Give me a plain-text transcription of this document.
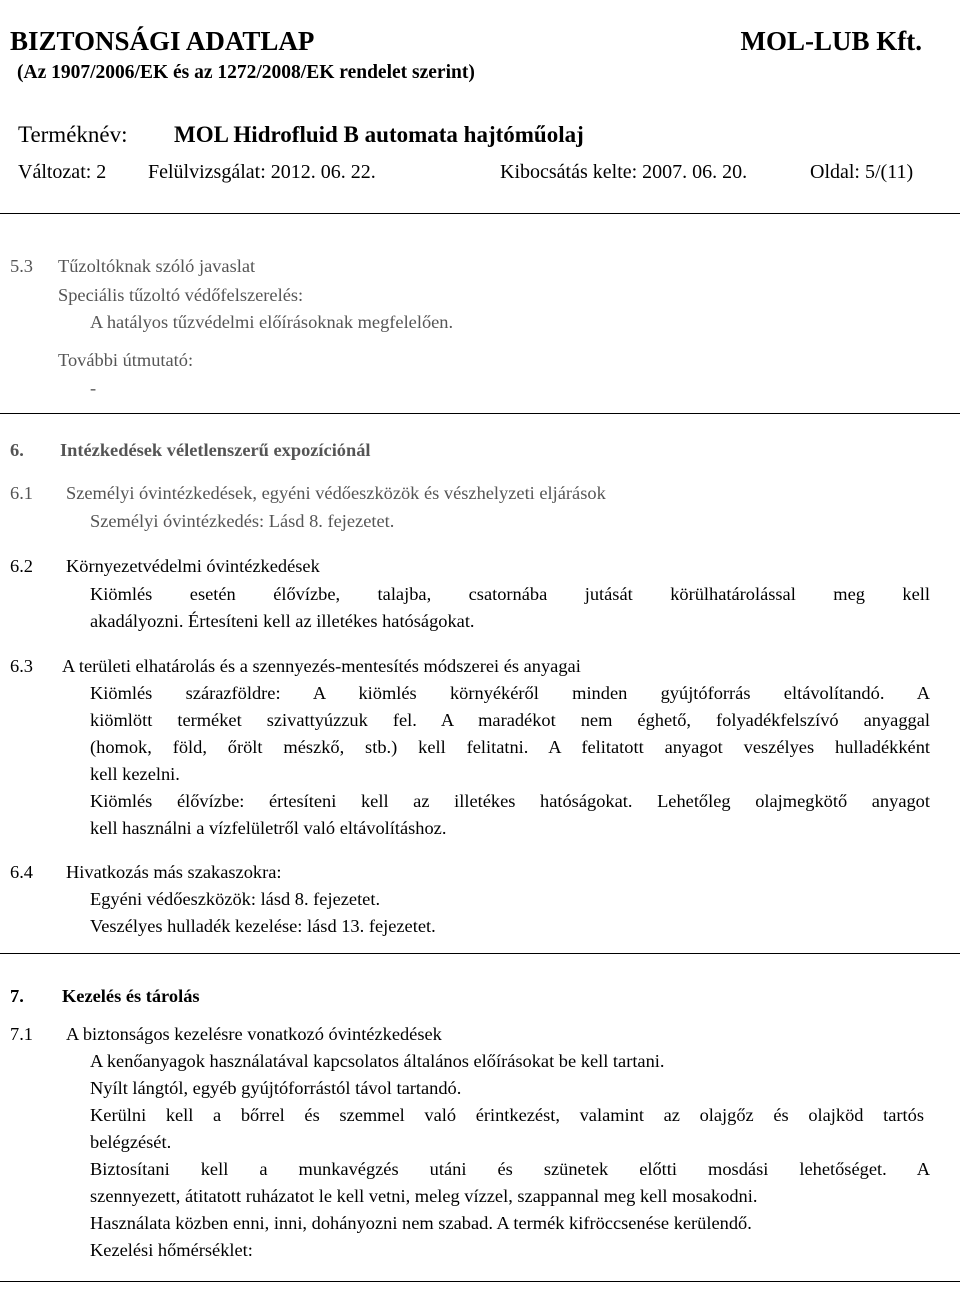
BIZTONSÁGI ADATLAP	MOL-LUB Kft.
(Az 1907/2006/EK és az 1272/2008/EK rendelet szerint)
Terméknév: MOL Hidrofluid B automata hajtóműolaj
Változat: 2 Felülvizsgálat: 2012. 06. 22.	Kibocsátás kelte: 2007. 06. 20.	Oldal: 5/(11)
5.3 Tűzoltóknak szóló javaslat
Speciális tűzoltó védőfelszerelés:
A hatályos tűzvédelmi előírásoknak megfelelően.
További útmutató:
-
6. Intézkedések véletlenszerű expozíciónál
6.1 Személyi óvintézkedések, egyéni védőeszközök és vészhelyzeti eljárások
Személyi óvintézkedés: Lásd 8. fejezetet.
6.2 Környezetvédelmi óvintézkedések
Kiömlés esetén élővízbe, talajba, csatornába jutását körülhatárolással meg kell
akadályozni. Értesíteni kell az illetékes hatóságokat.
6.3 A területi elhatárolás és a szennyezés-mentesítés módszerei és anyagai
Kiömlés szárazföldre: A kiömlés környékéről minden gyújtóforrás eltávolítandó. A
kiömlött terméket szivattyúzzuk fel. A maradékot nem éghető, folyadékfelszívó anyaggal
(homok, föld, őrölt mészkő, stb.) kell felitatni. A felitatott anyagot veszélyes hulladékként
kell kezelni.
Kiömlés élővízbe: értesíteni kell az illetékes hatóságokat. Lehetőleg olajmegkötő anyagot
kell használni a vízfelületről való eltávolításhoz.
6.4 Hivatkozás más szakaszokra:
Egyéni védőeszközök: lásd 8. fejezetet.
Veszélyes hulladék kezelése: lásd 13. fejezetet.
7. Kezelés és tárolás
7.1 A biztonságos kezelésre vonatkozó óvintézkedések
A kenőanyagok használatával kapcsolatos általános előírásokat be kell tartani.
Nyílt lángtól, egyéb gyújtóforrástól távol tartandó.
Kerülni kell a bőrrel és szemmel való érintkezést, valamint az olajgőz és olajköd tartós
belégzését.
Biztosítani kell a munkavégzés utáni és szünetek előtti mosdási lehetőséget. A
szennyezett, átitatott ruházatot le kell vetni, meleg vízzel, szappannal meg kell mosakodni.
Használata közben enni, inni, dohányozni nem szabad. A termék kifröccsenése kerülendő.
Kezelési hőmérséklet:
